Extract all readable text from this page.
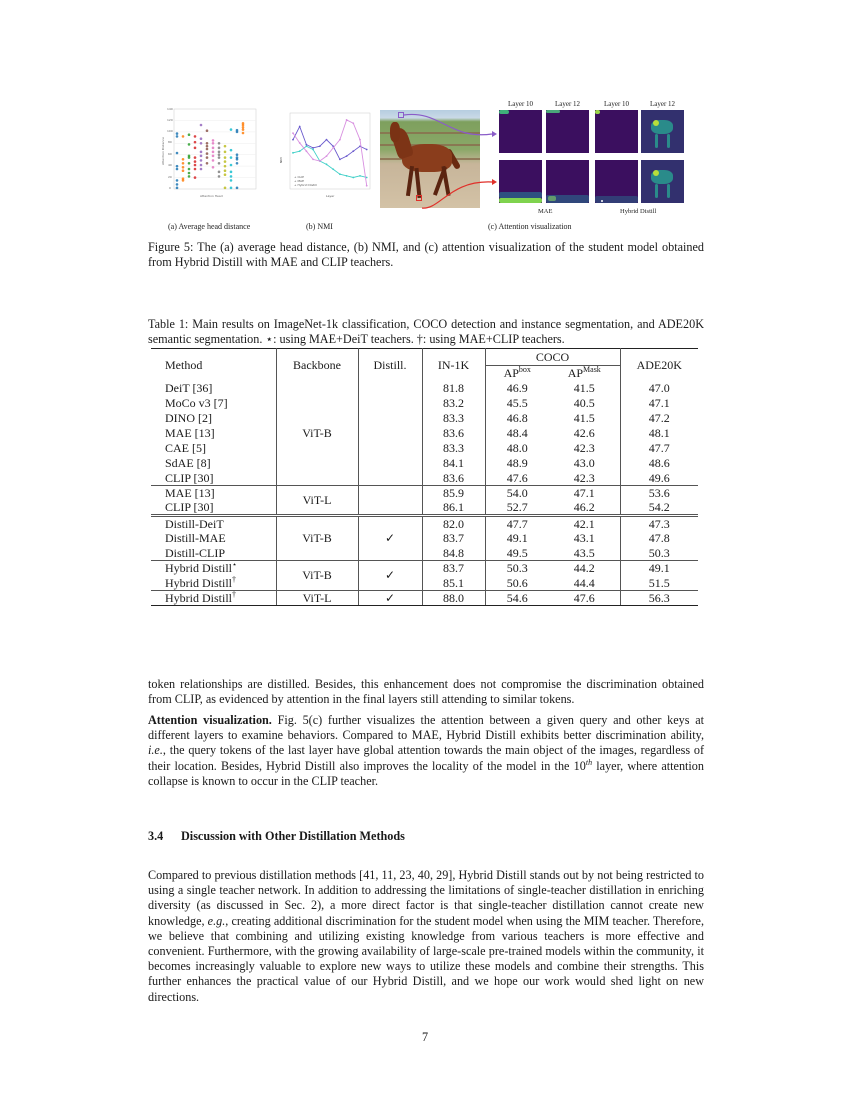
0
20
40
60
80
100
120
140
Attention Head
Attention Distance
(a) Average head distance
Layer
+ CLIP
+ MAE
+ Hybrid Distill
NMI
(b) NMI
Layer 10	Layer 12	Layer 10	Layer 12
MAE	Hybrid Distill
(c) Attention visualization
Figure 5: The (a) average head distance, (b) NMI, and (c) attention visualization of the student model obtained from Hybrid Distill with MAE and CLIP teachers.
Table 1: Main results on ImageNet-1k classification, COCO detection and instance segmentation, and ADE20K semantic segmentation. ⋆: using MAE+DeiT teachers. †: using MAE+CLIP teachers.
Method	Backbone	Distill.	IN-1K	COCO		ADE20K
				$AP^{box}$	$AP^{Mask}$
DeiT [36]	ViT-B		81.8	46.9	41.5	47.0
MoCo v3 [7]			83.2	45.5	40.5	47.1
DINO [2]			83.3	46.8	41.5	47.2
MAE [13]			83.6	48.4	42.6	48.1
CAE [5]			83.3	48.0	42.3	47.7
SdAE [8]			84.1	48.9	43.0	48.6
CLIP [30]			83.6	47.6	42.3	49.6
MAE [13]	ViT-L		85.9	54.0	47.1	53.6
CLIP [30]			86.1	52.7	46.2	54.2
Distill-DeiT	ViT-B	✓	82.0	47.7	42.1	47.3
Distill-MAE			83.7	49.1	43.1	47.8
Distill-CLIP			84.8	49.5	43.5	50.3
Hybrid Distill⋆	ViT-B	✓	83.7	50.3	44.2	49.1
Hybrid Distill†			85.1	50.6	44.4	51.5
Hybrid Distill†	ViT-L	✓	88.0	54.6	47.6	56.3
token relationships are distilled. Besides, this enhancement does not compromise the discrimination obtained from CLIP, as evidenced by attention in the final layers still attending to similar tokens.
Attention visualization. Fig. 5(c) further visualizes the attention between a given query and other keys at different layers to examine behaviors. Compared to MAE, Hybrid Distill exhibits better discrimination ability, i.e., the query tokens of the last layer have global attention towards the main object of the images, regardless of their location. Besides, Hybrid Distill also improves the locality of the model in the 10th layer, where attention collapse is known to occur in the CLIP teacher.
3.4 Discussion with Other Distillation Methods
Compared to previous distillation methods [41, 11, 23, 40, 29], Hybrid Distill stands out by not being restricted to using a single teacher network. In addition to addressing the limitations of single-teacher distillation in enriching diversity (as discussed in Sec. 2), a more direct factor is that single-teacher distillation cannot create new knowledge, e.g., creating additional discrimination for the student model when using the MIM teacher. Therefore, we believe that combining and utilizing existing knowledge from various teachers is more effective and convenient. Furthermore, with the growing availability of large-scale pre-trained models within the community, it becomes increasingly valuable to explore new ways to utilize these models and combine their strengths. This further enhances the practical value of our Hybrid Distill, and we hope our work would shed light on new directions.
7
